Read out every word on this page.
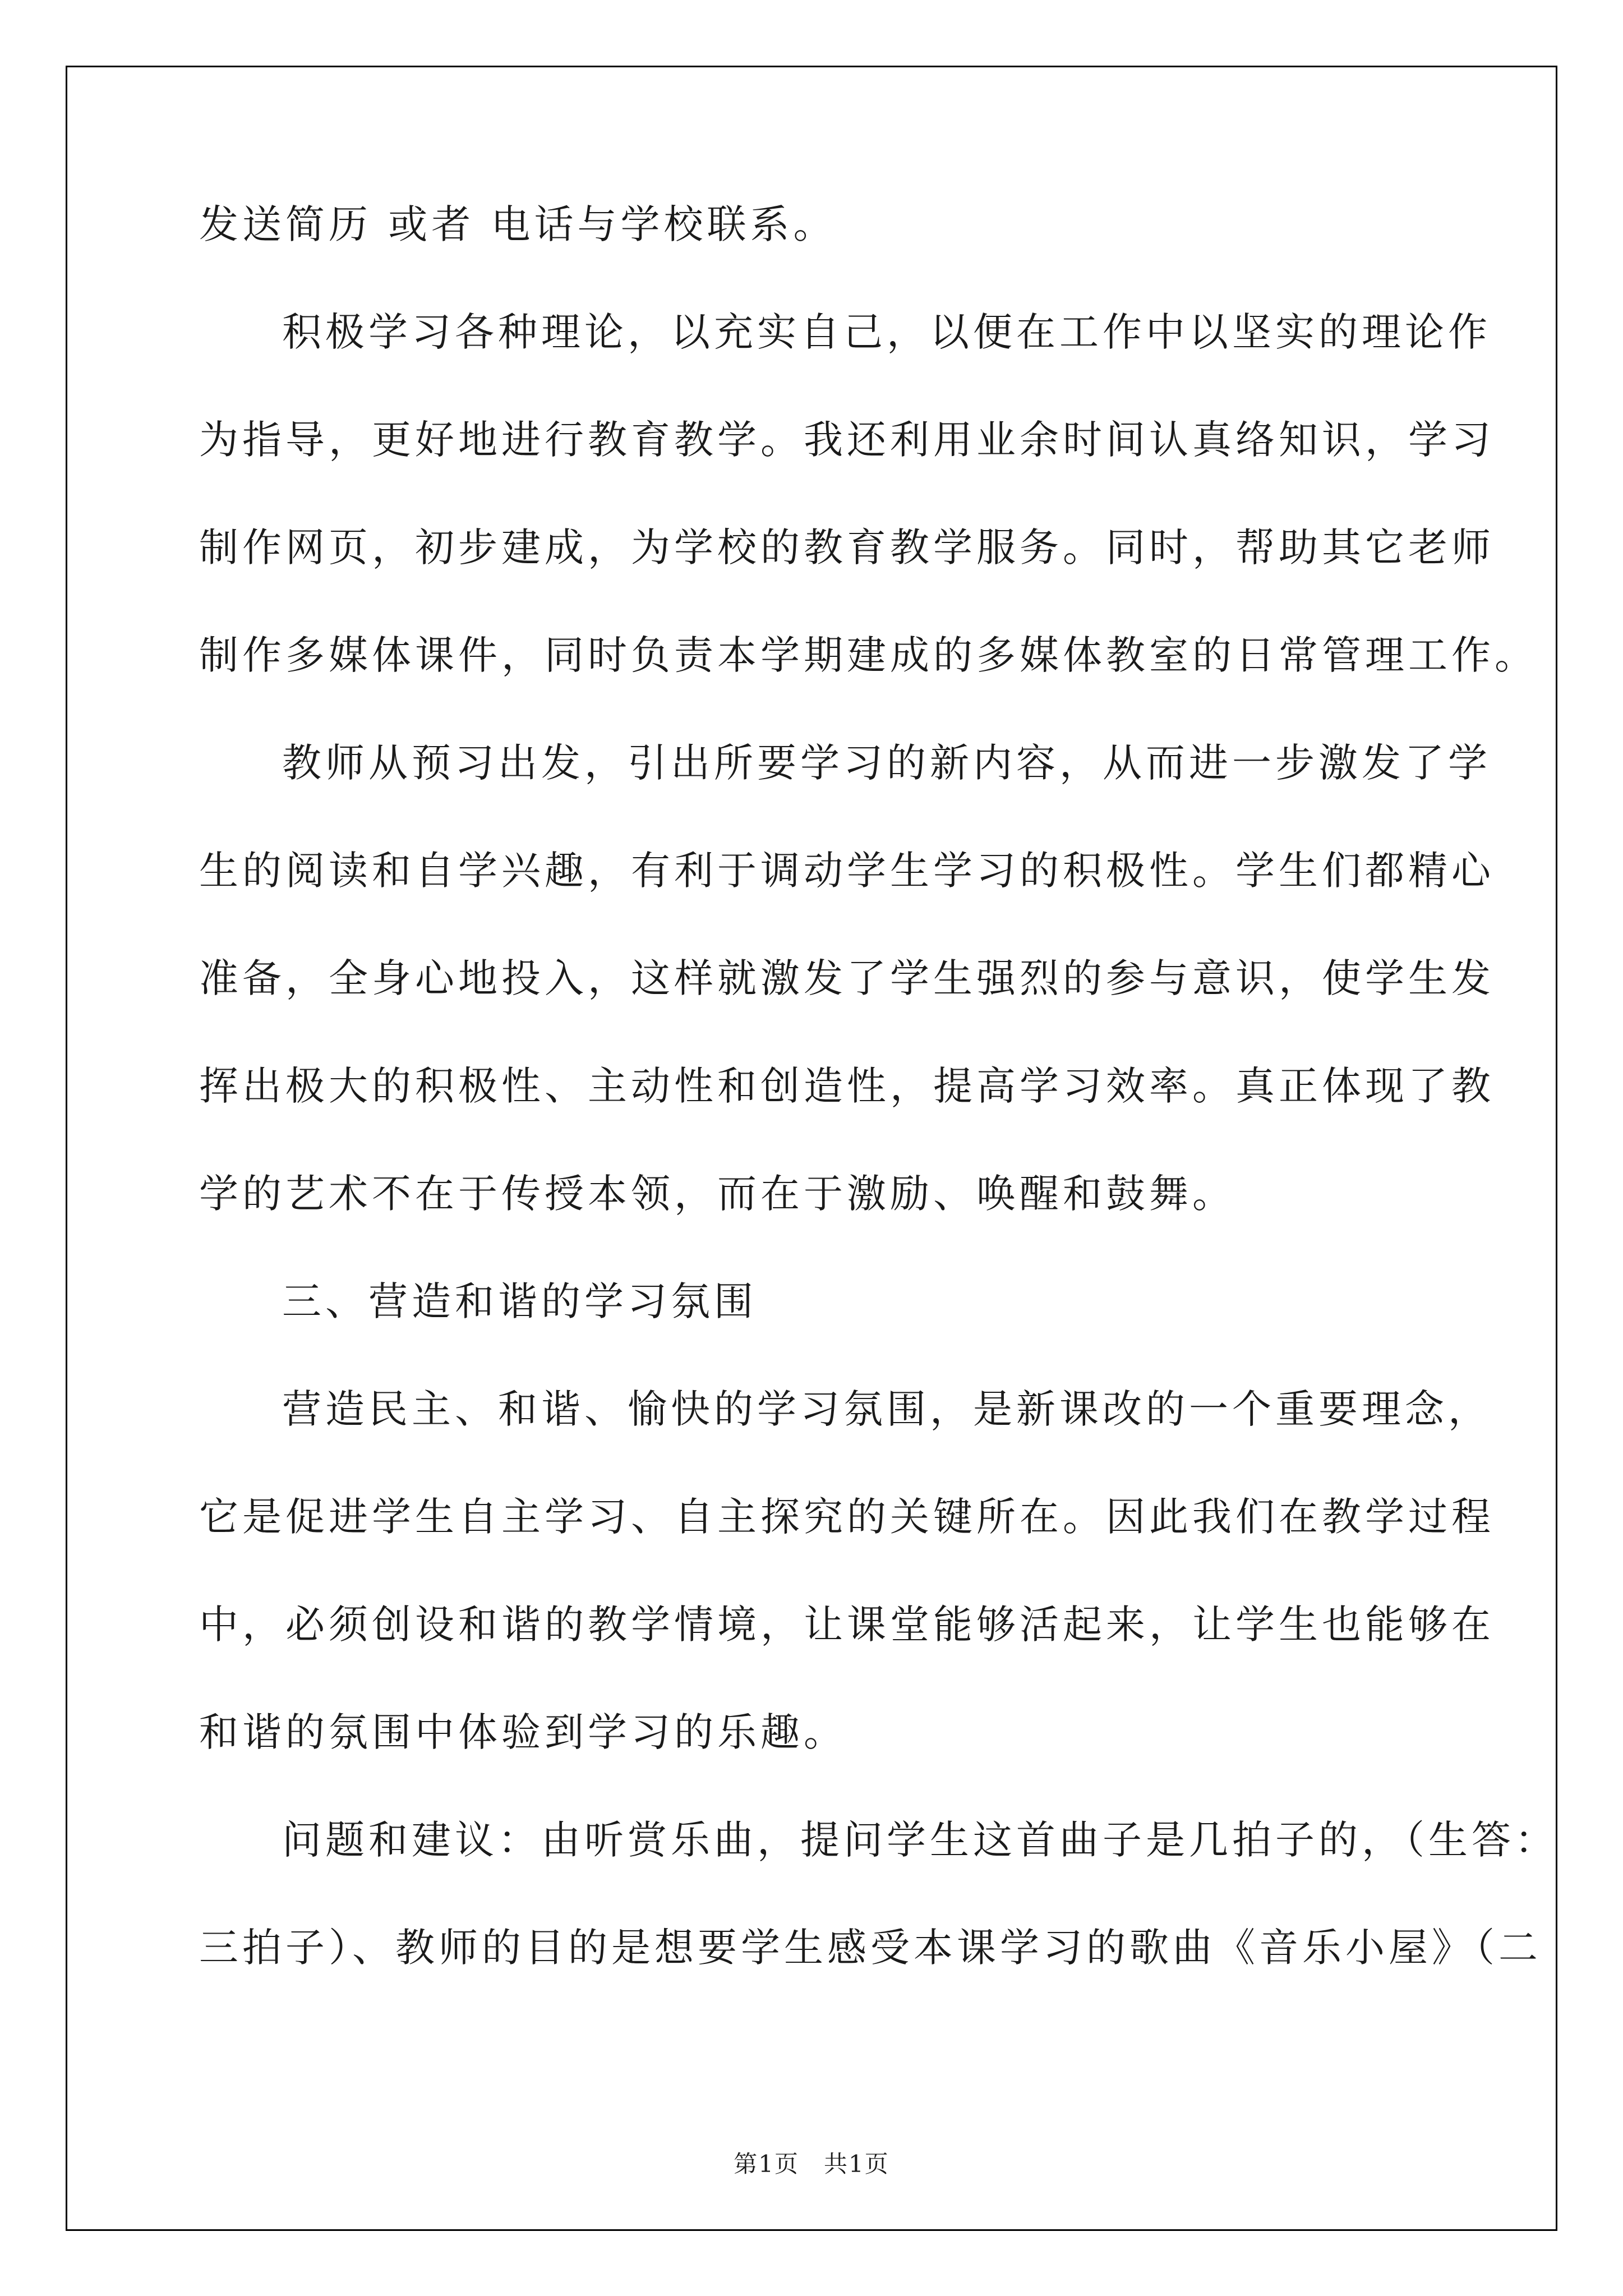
发送简历 或者 电话与学校联系。
积极学习各种理论，以充实自己，以便在工作中以坚实的理论作
为指导，更好地进行教育教学。我还利用业余时间认真络知识，学习
制作网页，初步建成，为学校的教育教学服务。同时，帮助其它老师
制作多媒体课件，同时负责本学期建成的多媒体教室的日常管理工作。
教师从预习出发，引出所要学习的新内容，从而进一步激发了学
生的阅读和自学兴趣，有利于调动学生学习的积极性。学生们都精心
准备，全身心地投入，这样就激发了学生强烈的参与意识，使学生发
挥出极大的积极性、主动性和创造性，提高学习效率。真正体现了教
学的艺术不在于传授本领，而在于激励、唤醒和鼓舞。
三、营造和谐的学习氛围
营造民主、和谐、愉快的学习氛围，是新课改的一个重要理念，
它是促进学生自主学习、自主探究的关键所在。因此我们在教学过程
中，必须创设和谐的教学情境，让课堂能够活起来，让学生也能够在
和谐的氛围中体验到学习的乐趣。
问题和建议：由听赏乐曲，提问学生这首曲子是几拍子的，（生答：
三拍子）、教师的目的是想要学生感受本课学习的歌曲《音乐小屋》（二
第1页　共1页
